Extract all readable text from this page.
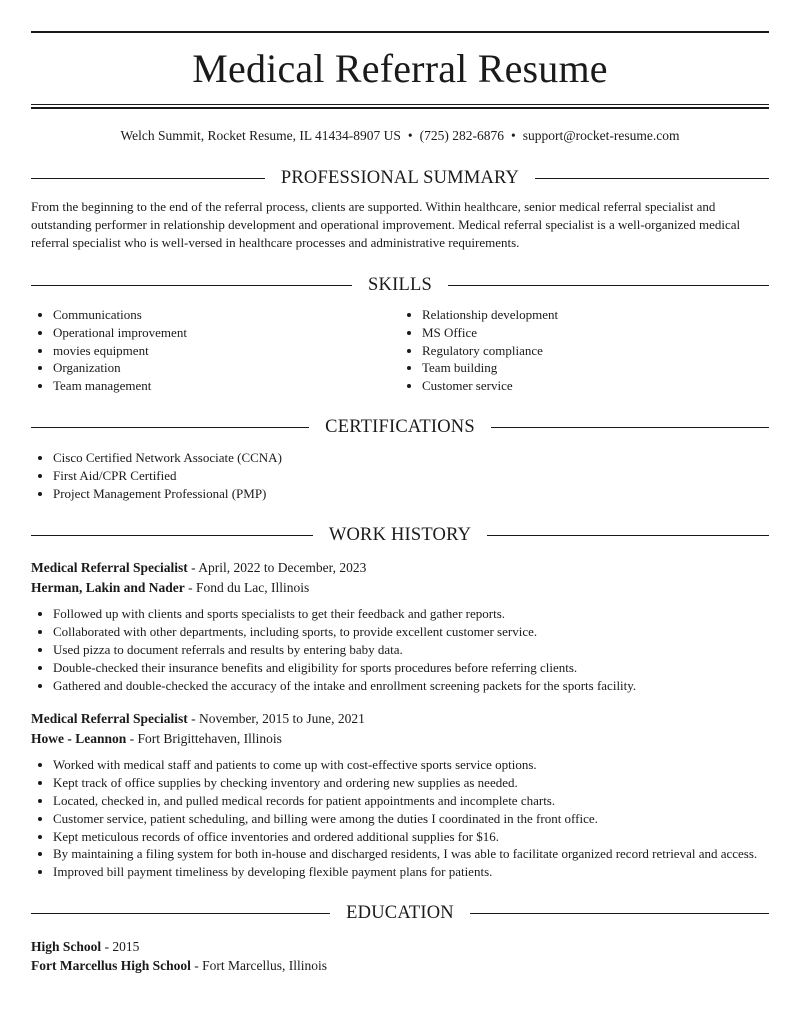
Medical Referral Resume
Welch Summit, Rocket Resume, IL 41434-8907 US • (725) 282-6876 • support@rocket-resume.com
PROFESSIONAL SUMMARY
From the beginning to the end of the referral process, clients are supported. Within healthcare, senior medical referral specialist and outstanding performer in relationship development and operational improvement. Medical referral specialist is a well-organized medical referral specialist who is well-versed in healthcare processes and administrative requirements.
SKILLS
• Communications
• Operational improvement
• movies equipment
• Organization
• Team management
• Relationship development
• MS Office
• Regulatory compliance
• Team building
• Customer service
CERTIFICATIONS
• Cisco Certified Network Associate (CCNA)
• First Aid/CPR Certified
• Project Management Professional (PMP)
WORK HISTORY
Medical Referral Specialist - April, 2022 to December, 2023
Herman, Lakin and Nader - Fond du Lac, Illinois
• Followed up with clients and sports specialists to get their feedback and gather reports.
• Collaborated with other departments, including sports, to provide excellent customer service.
• Used pizza to document referrals and results by entering baby data.
• Double-checked their insurance benefits and eligibility for sports procedures before referring clients.
• Gathered and double-checked the accuracy of the intake and enrollment screening packets for the sports facility.
Medical Referral Specialist - November, 2015 to June, 2021
Howe - Leannon - Fort Brigittehaven, Illinois
• Worked with medical staff and patients to come up with cost-effective sports service options.
• Kept track of office supplies by checking inventory and ordering new supplies as needed.
• Located, checked in, and pulled medical records for patient appointments and incomplete charts.
• Customer service, patient scheduling, and billing were among the duties I coordinated in the front office.
• Kept meticulous records of office inventories and ordered additional supplies for $16.
• By maintaining a filing system for both in-house and discharged residents, I was able to facilitate organized record retrieval and access.
• Improved bill payment timeliness by developing flexible payment plans for patients.
EDUCATION
High School - 2015
Fort Marcellus High School - Fort Marcellus, Illinois
